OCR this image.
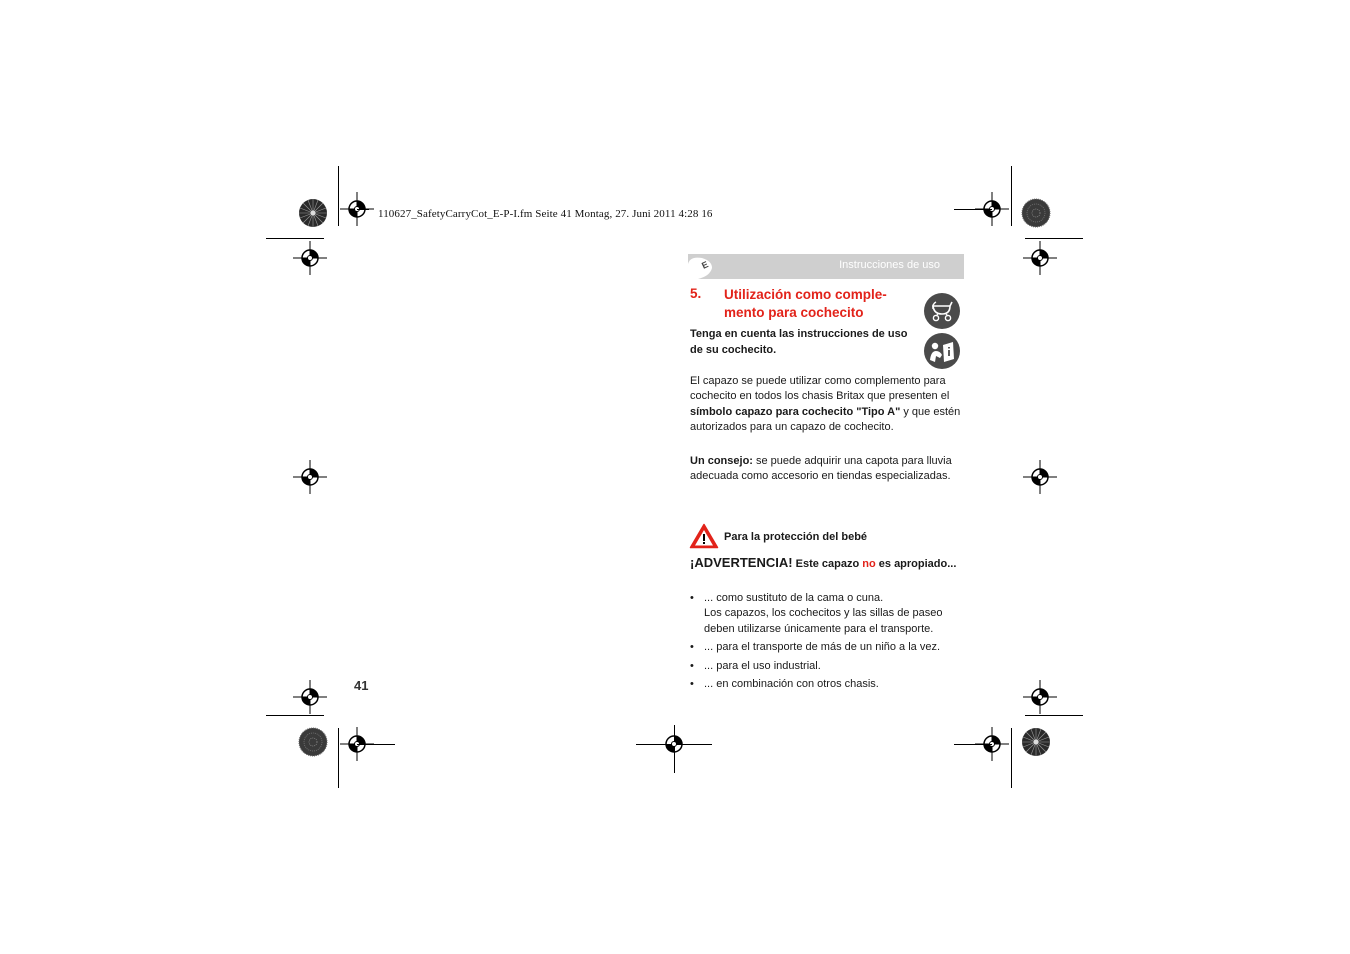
110627_SafetyCarryCot_E-P-I.fm Seite 41 Montag, 27. Juni 2011 4:28 16
E	Instrucciones de uso
5. Utilización como comple-mento para cochecito
Tenga en cuenta las instrucciones de uso de su cochecito.
El capazo se puede utilizar como complemento para cochecito en todos los chasis Britax que presenten el símbolo capazo para cochecito "Tipo A" y que estén autorizados para un capazo de cochecito.
Un consejo: se puede adquirir una capota para lluvia adecuada como accesorio en tiendas especializadas.
Para la protección del bebé
¡ADVERTENCIA! Este capazo no es apropiado...
• ... como sustituto de la cama o cuna.
Los capazos, los cochecitos y las sillas de paseo deben utilizarse únicamente para el transporte.
• ... para el transporte de más de un niño a la vez.
• ... para el uso industrial.
• ... en combinación con otros chasis.
41
